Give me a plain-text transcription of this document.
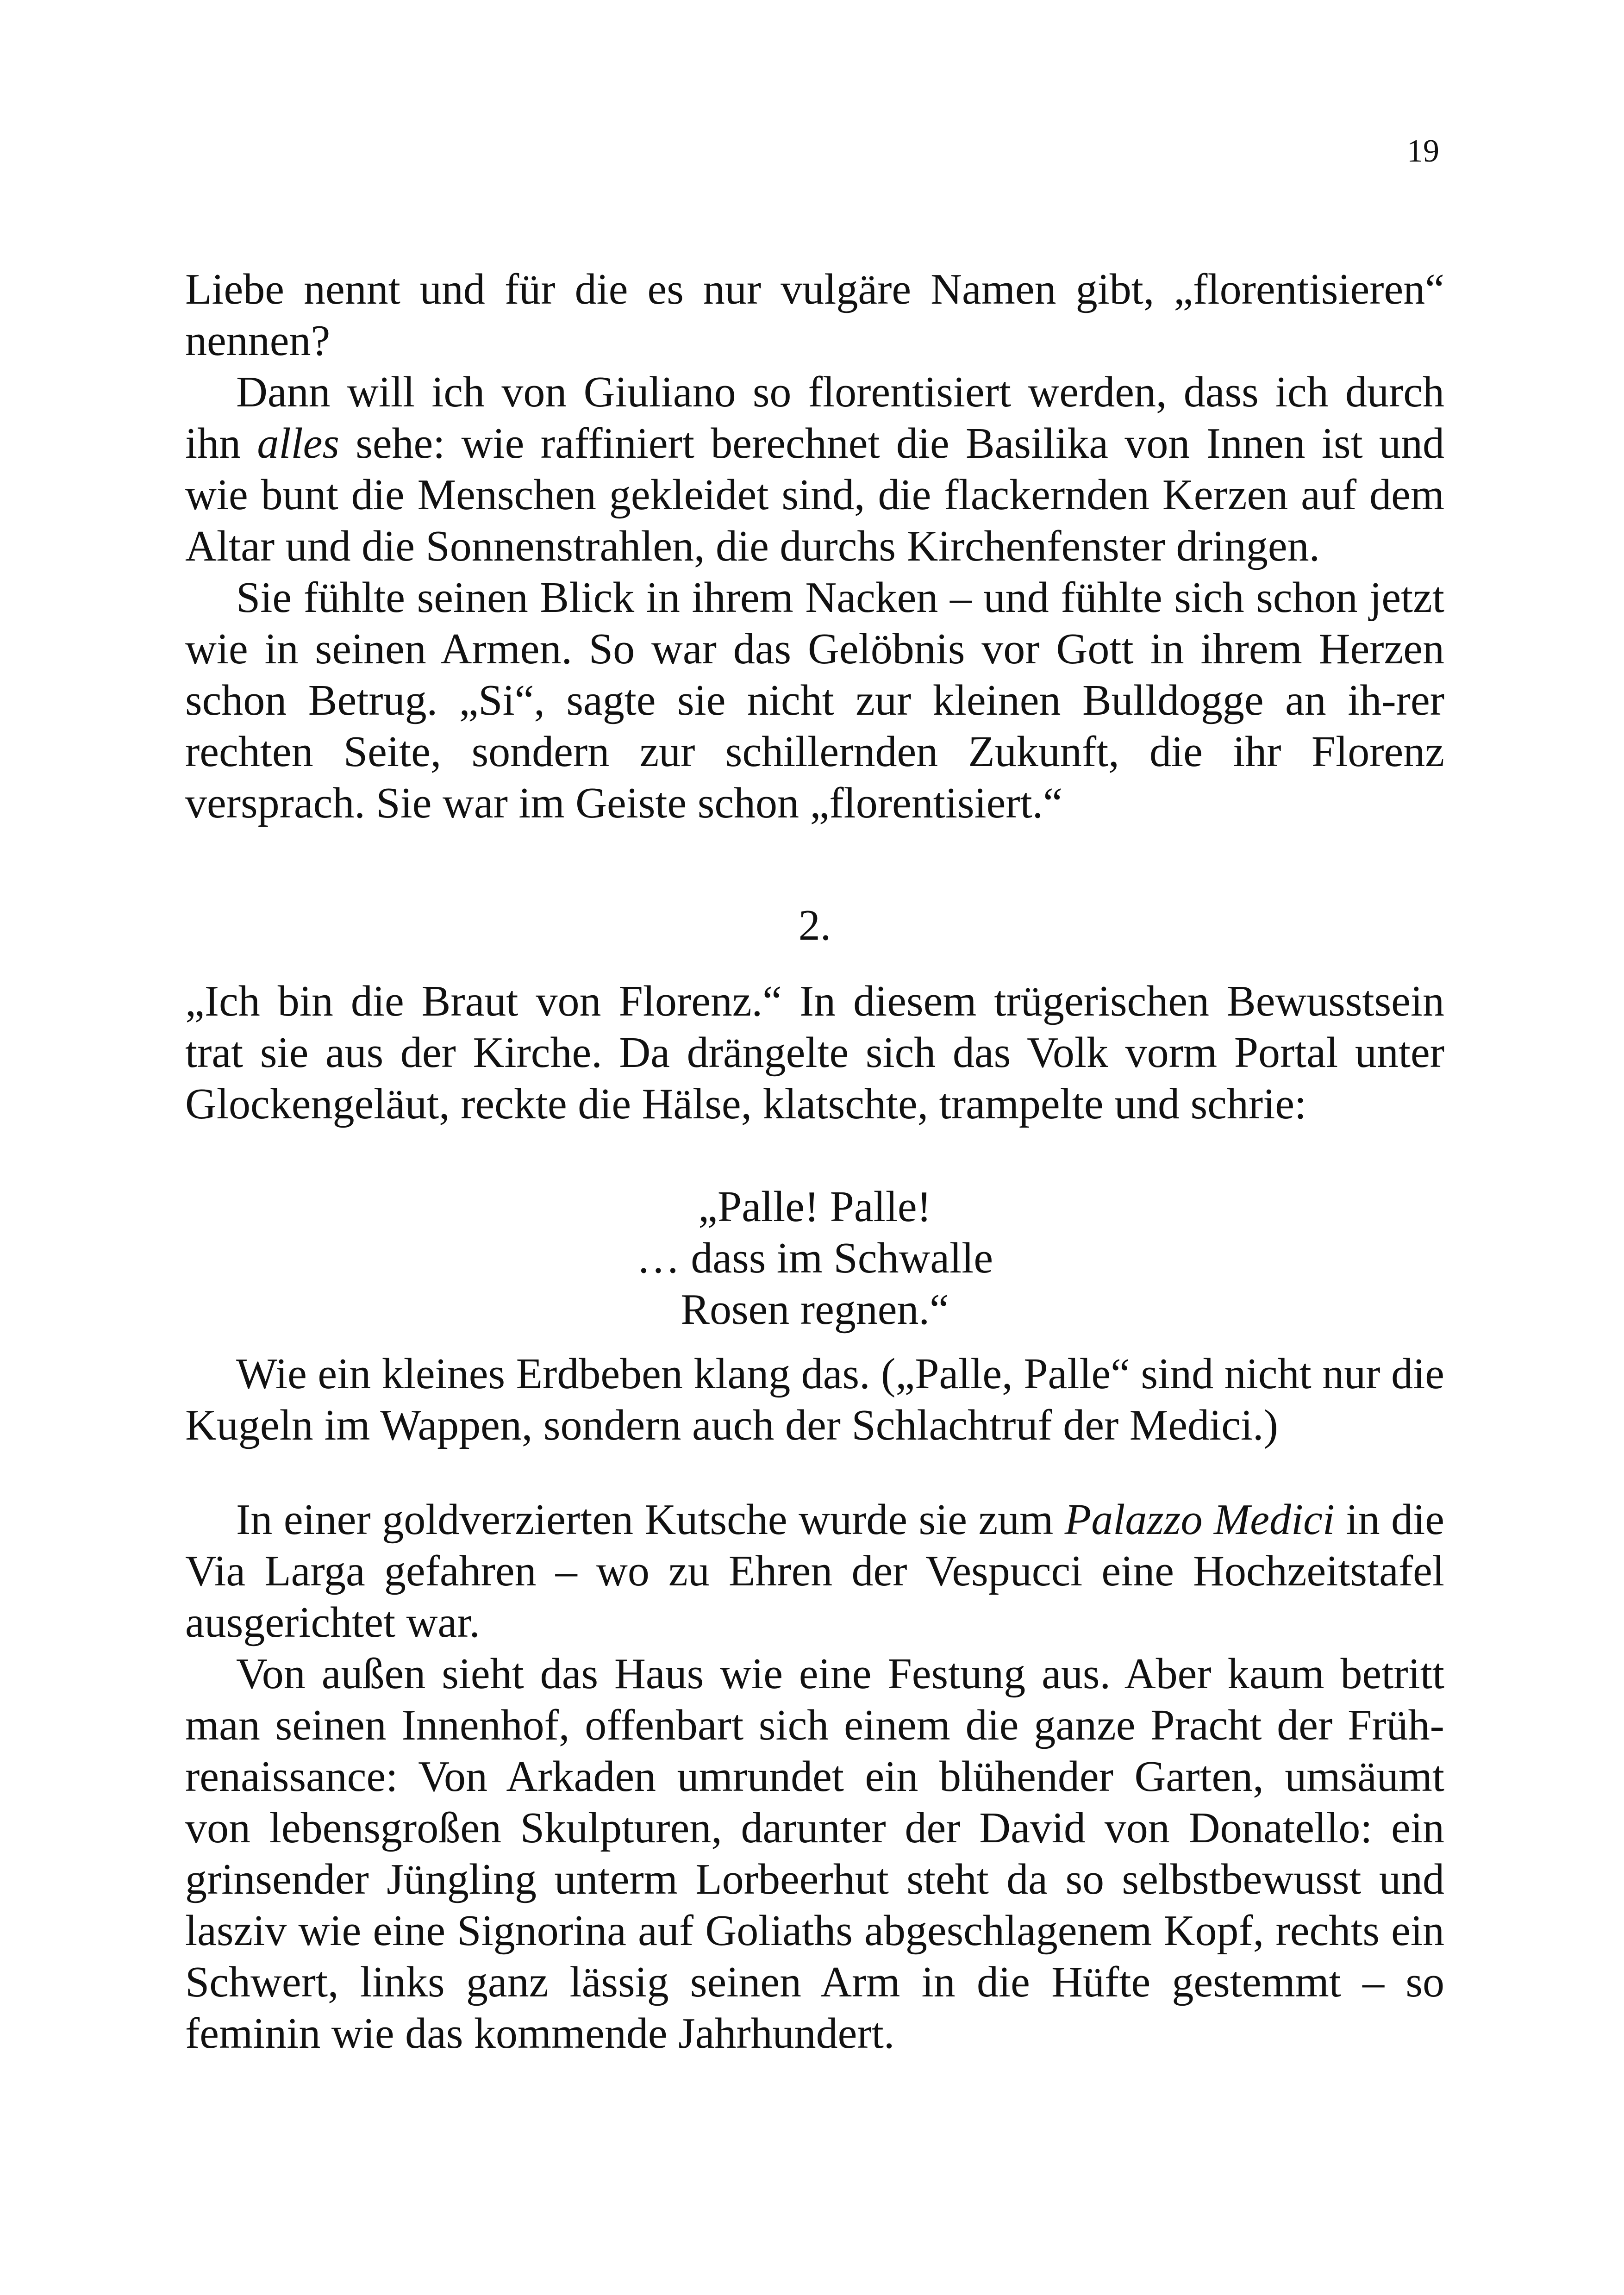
19

Liebe nennt und für die es nur vulgäre Namen gibt, „florentisieren“ nennen?

Dann will ich von Giuliano so florentisiert werden, dass ich durch ihn alles sehe: wie raffiniert berechnet die Basilika von Innen ist und wie bunt die Menschen gekleidet sind, die flackernden Kerzen auf dem Altar und die Sonnenstrahlen, die durchs Kirchenfenster dringen.

Sie fühlte seinen Blick in ihrem Nacken – und fühlte sich schon jetzt wie in seinen Armen. So war das Gelöbnis vor Gott in ihrem Herzen schon Betrug. „Si“, sagte sie nicht zur kleinen Bulldogge an ih-rer rechten Seite, sondern zur schillernden Zukunft, die ihr Florenz versprach. Sie war im Geiste schon „florentisiert.“

2.

„Ich bin die Braut von Florenz.“ In diesem trügerischen Bewusstsein trat sie aus der Kirche. Da drängelte sich das Volk vorm Portal unter Glockengeläut, reckte die Hälse, klatschte, trampelte und schrie:

„Palle! Palle!
… dass im Schwalle
Rosen regnen.“

Wie ein kleines Erdbeben klang das. („Palle, Palle“ sind nicht nur die Kugeln im Wappen, sondern auch der Schlachtruf der Medici.)

In einer goldverzierten Kutsche wurde sie zum Palazzo Medici in die Via Larga gefahren – wo zu Ehren der Vespucci eine Hochzeitstafel ausgerichtet war.

Von außen sieht das Haus wie eine Festung aus. Aber kaum betritt man seinen Innenhof, offenbart sich einem die ganze Pracht der Früh-renaissance: Von Arkaden umrundet ein blühender Garten, umsäumt von lebensgroßen Skulpturen, darunter der David von Donatello: ein grinsender Jüngling unterm Lorbeerhut steht da so selbstbewusst und lasziv wie eine Signorina auf Goliaths abgeschlagenem Kopf, rechts ein Schwert, links ganz lässig seinen Arm in die Hüfte gestemmt – so feminin wie das kommende Jahrhundert.
